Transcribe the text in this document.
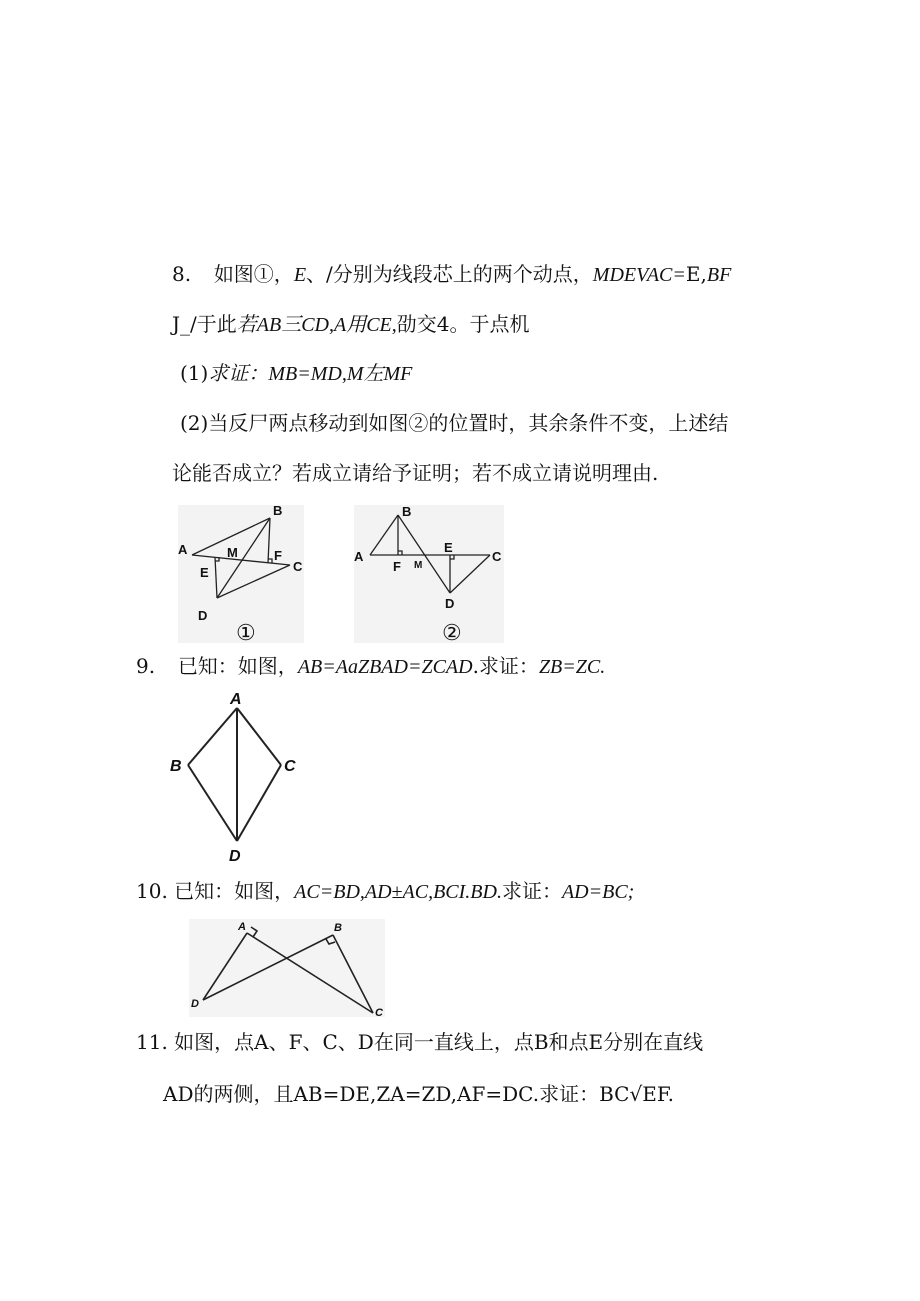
8. 如图①，E、/分别为线段芯上的两个动点，MDEVAC=E,BF
J_/于此若AB三CD,A用CE,劭交4。于点机
(1)求证：MB=MD,M左MF
(2)当反尸两点移动到如图②的位置时，其余条件不变，上述结
论能否成立？若成立请给予证明；若不成立请说明理由.
A
B
C
D
E
F
M
①
A
B
C
D
E
F M
②
9. 已知：如图，AB=AaZBAD=ZCAD.求证：ZB=ZC.
A
B	C
D
10. 已知：如图，AC=BD,AD±AC,BCI.BD.求证：AD=BC;
A	B
C
D
11. 如图，点A、F、C、D在同一直线上，点B和点E分别在直线
AD的两侧，且AB=DE,ZA=ZD,AF=DC.求证：BC√EF.
